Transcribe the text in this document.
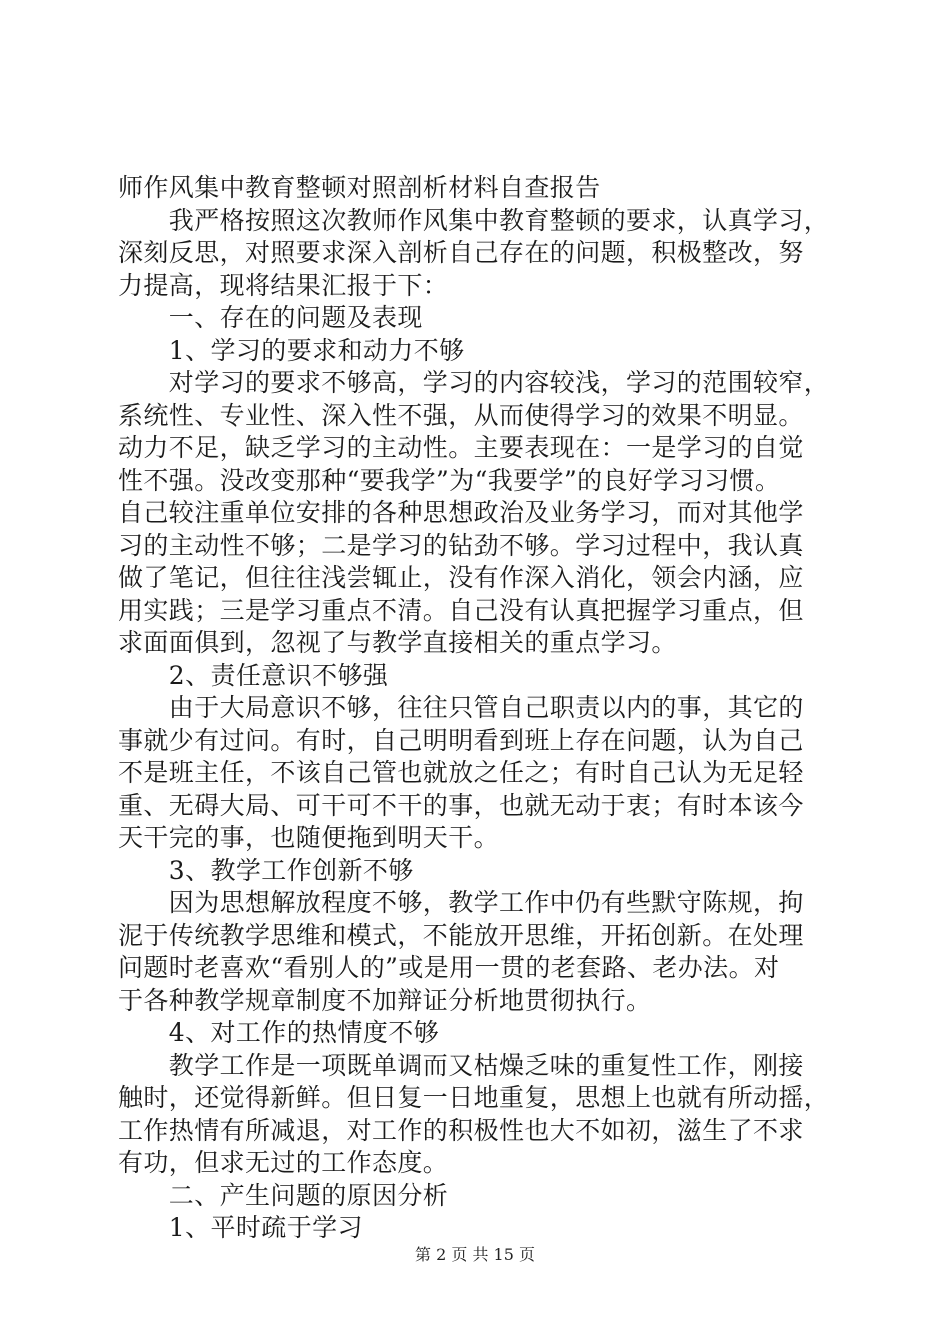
师作风集中教育整顿对照剖析材料自查报告
　　我严格按照这次教师作风集中教育整顿的要求，认真学习，
深刻反思，对照要求深入剖析自己存在的问题，积极整改，努
力提高，现将结果汇报于下：
　　一、存在的问题及表现
　　1、学习的要求和动力不够
　　对学习的要求不够高，学习的内容较浅，学习的范围较窄，
系统性、专业性、深入性不强，从而使得学习的效果不明显。
动力不足，缺乏学习的主动性。主要表现在：一是学习的自觉
性不强。没改变那种“要我学”为“我要学”的良好学习习惯。
自己较注重单位安排的各种思想政治及业务学习，而对其他学
习的主动性不够；二是学习的钻劲不够。学习过程中，我认真
做了笔记，但往往浅尝辄止，没有作深入消化，领会内涵，应
用实践；三是学习重点不清。自己没有认真把握学习重点，但
求面面俱到，忽视了与教学直接相关的重点学习。
　　2、责任意识不够强
　　由于大局意识不够，往往只管自己职责以内的事，其它的
事就少有过问。有时，自己明明看到班上存在问题，认为自己
不是班主任，不该自己管也就放之任之；有时自己认为无足轻
重、无碍大局、可干可不干的事，也就无动于衷；有时本该今
天干完的事，也随便拖到明天干。
　　3、教学工作创新不够
　　因为思想解放程度不够，教学工作中仍有些默守陈规，拘
泥于传统教学思维和模式，不能放开思维，开拓创新。在处理
问题时老喜欢“看别人的”或是用一贯的老套路、老办法。对
于各种教学规章制度不加辩证分析地贯彻执行。
　　4、对工作的热情度不够
　　教学工作是一项既单调而又枯燥乏味的重复性工作，刚接
触时，还觉得新鲜。但日复一日地重复，思想上也就有所动摇，
工作热情有所减退，对工作的积极性也大不如初，滋生了不求
有功，但求无过的工作态度。
　　二、产生问题的原因分析
　　1、平时疏于学习
第 2 页 共 15 页
